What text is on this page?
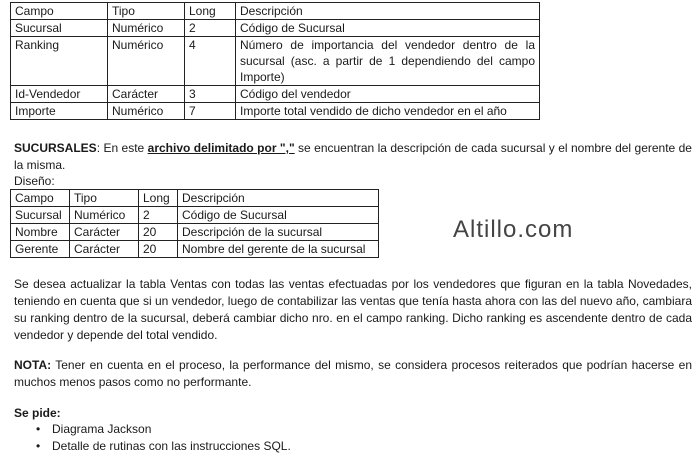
Campo	Tipo	Long	Descripción
Sucursal	Numérico	2	Código de Sucursal
Ranking	Numérico	4	Número de importancia del vendedor dentro de la sucursal (asc. a partir de 1 dependiendo del campo Importe)
Id-Vendedor	Carácter	3	Código del vendedor
Importe	Numérico	7	Importe total vendido de dicho vendedor en el año
SUCURSALES: En este archivo delimitado por "," se encuentran la descripción de cada sucursal y el nombre del gerente de la misma.
Diseño:
Campo	Tipo	Long	Descripción
Sucursal	Numérico	2	Código de Sucursal
Nombre	Carácter	20	Descripción de la sucursal
Gerente	Carácter	20	Nombre del gerente de la sucursal
Altillo.com
Se desea actualizar la tabla Ventas con todas las ventas efectuadas por los vendedores que figuran en la tabla Novedades, teniendo en cuenta que si un vendedor, luego de contabilizar las ventas que tenía hasta ahora con las del nuevo año, cambiara su ranking dentro de la sucursal, deberá cambiar dicho nro. en el campo ranking. Dicho ranking es ascendente dentro de cada vendedor y depende del total vendido.
NOTA: Tener en cuenta en el proceso, la performance del mismo, se considera procesos reiterados que podrían hacerse en muchos menos pasos como no performante.
Se pide:
• Diagrama Jackson
• Detalle de rutinas con las instrucciones SQL.
